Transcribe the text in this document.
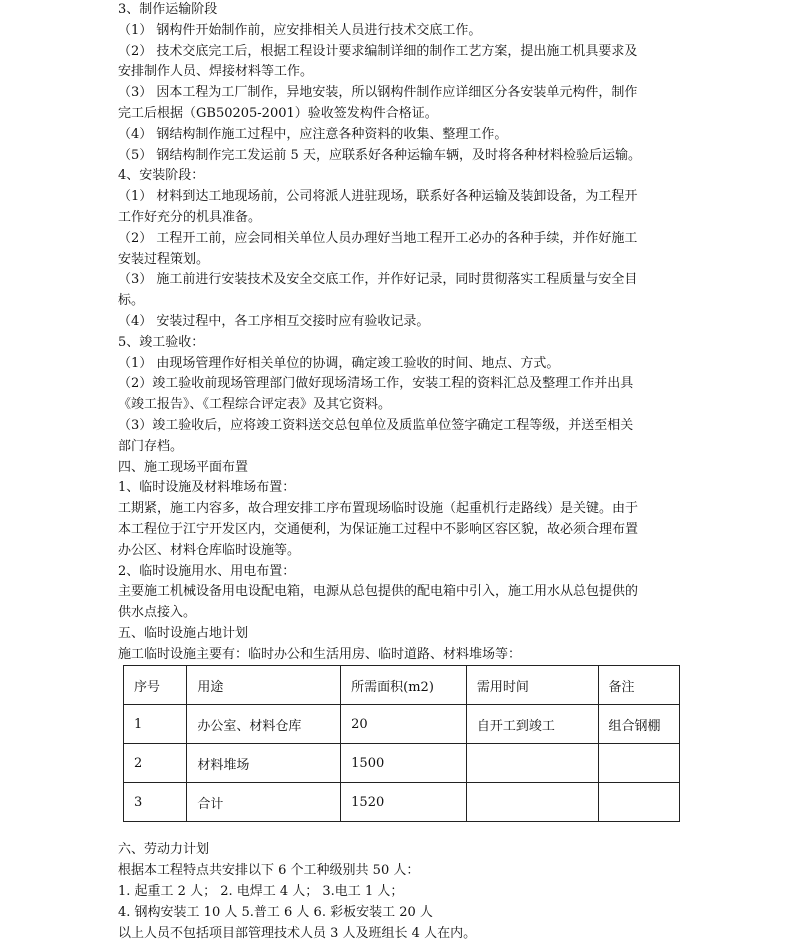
3、制作运输阶段
（1） 钢构件开始制作前，应安排相关人员进行技术交底工作。
（2） 技术交底完工后，根据工程设计要求编制详细的制作工艺方案，提出施工机具要求及
安排制作人员、焊接材料等工作。
（3） 因本工程为工厂制作，异地安装，所以钢构件制作应详细区分各安装单元构件，制作
完工后根据（GB50205-2001）验收签发构件合格证。
（4） 钢结构制作施工过程中，应注意各种资料的收集、整理工作。
（5） 钢结构制作完工发运前 5 天，应联系好各种运输车辆，及时将各种材料检验后运输。
4、安装阶段：
（1） 材料到达工地现场前，公司将派人进驻现场，联系好各种运输及装卸设备，为工程开
工作好充分的机具准备。
（2） 工程开工前，应会同相关单位人员办理好当地工程开工必办的各种手续，并作好施工
安装过程策划。
（3） 施工前进行安装技术及安全交底工作，并作好记录，同时贯彻落实工程质量与安全目
标。
（4） 安装过程中，各工序相互交接时应有验收记录。
5、竣工验收：
（1） 由现场管理作好相关单位的协调，确定竣工验收的时间、地点、方式。
（2）竣工验收前现场管理部门做好现场清场工作，安装工程的资料汇总及整理工作并出具
《竣工报告》、《工程综合评定表》及其它资料。
（3）竣工验收后，应将竣工资料送交总包单位及质监单位签字确定工程等级，并送至相关
部门存档。
四、施工现场平面布置
1、临时设施及材料堆场布置：
工期紧，施工内容多，故合理安排工序布置现场临时设施（起重机行走路线）是关键。由于
本工程位于江宁开发区内，交通便利，为保证施工过程中不影响区容区貌，故必须合理布置
办公区、材料仓库临时设施等。
2、临时设施用水、用电布置：
主要施工机械设备用电设配电箱，电源从总包提供的配电箱中引入，施工用水从总包提供的
供水点接入。
五、临时设施占地计划
施工临时设施主要有：临时办公和生活用房、临时道路、材料堆场等：
序号	用途	所需面积(m2)	需用时间	备注
1	办公室、材料仓库	20	自开工到竣工	组合钢棚
2	材料堆场	1500		
3	合计	1520		
六、劳动力计划
根据本工程特点共安排以下 6 个工种级别共 50 人：
1. 起重工 2 人； 2. 电焊工 4 人； 3.电工 1 人；
4. 钢构安装工 10 人 5.普工 6 人 6. 彩板安装工 20 人
以上人员不包括项目部管理技术人员 3 人及班组长 4 人在内。
